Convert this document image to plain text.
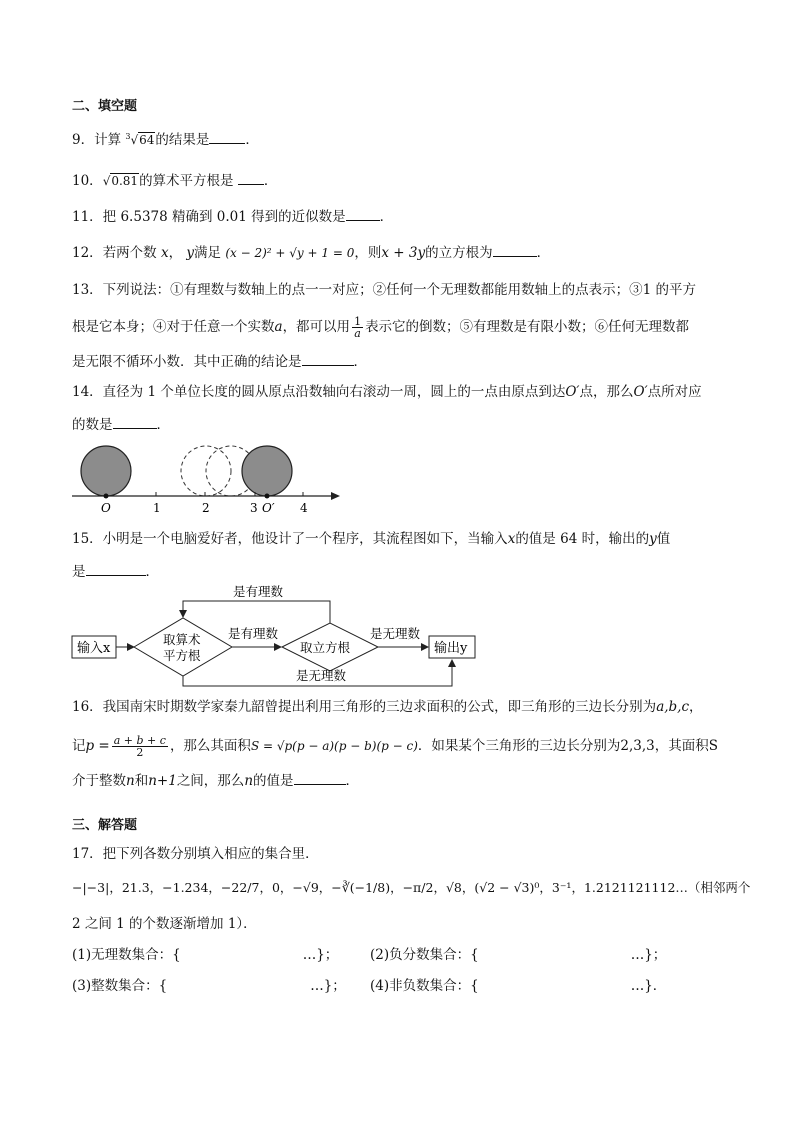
二、填空题
9．计算 $^3$√64的结果是	．
10．√0.81的算术平方根是 ．
11．把 6.5378 精确到 0.01 得到的近似数是	．
12．若两个数 x， y满足 (x − 2)² + √y + 1 = 0，则x + 3y的立方根为	．
13．下列说法：①有理数与数轴上的点一一对应；②任何一个无理数都能用数轴上的点表示；③1 的平方
根是它本身；④对于任意一个实数a，都可以用 $\frac{1}{a}$ 表示它的倒数；⑤有理数是有限小数；⑥任何无理数都
是无限不循环小数．其中正确的结论是	．
14．直径为 1 个单位长度的圆从原点沿数轴向右滚动一周，圆上的一点由原点到达O′点，那么O′点所对应
的数是	．
O	1	2	3 O′ 4
15．小明是一个电脑爱好者，他设计了一个程序，其流程图如下，当输入x的值是 64 时，输出的y值
是	．
输入x
取算术
平方根
是有理数
取立方根
是无理数
输出y
是有理数
是无理数
16．我国南宋时期数学家秦九韶曾提出利用三角形的三边求面积的公式，即三角形的三边长分别为a,b,c，
记$p = \frac{a + b + c}{2}$ ，那么其面积S = √p(p − a)(p − b)(p − c)．如果某个三角形的三边长分别为2,3,3，其面积S
介于整数n和n+1之间，那么n的值是	．
三、解答题
17．把下列各数分别填入相应的集合里．
−|−3|，21.3，−1.234，−22/7，0，−√9，−∛(−1/8)，−π/2，√8，(√2 − √3)⁰，3⁻¹，1.2121121112…（相邻两个
2 之间 1 的个数逐渐增加 1）．
(1)无理数集合：{	…}； (2)负分数集合：{	…}；
(3)整数集合：{	…}； (4)非负数集合：{	…}．
